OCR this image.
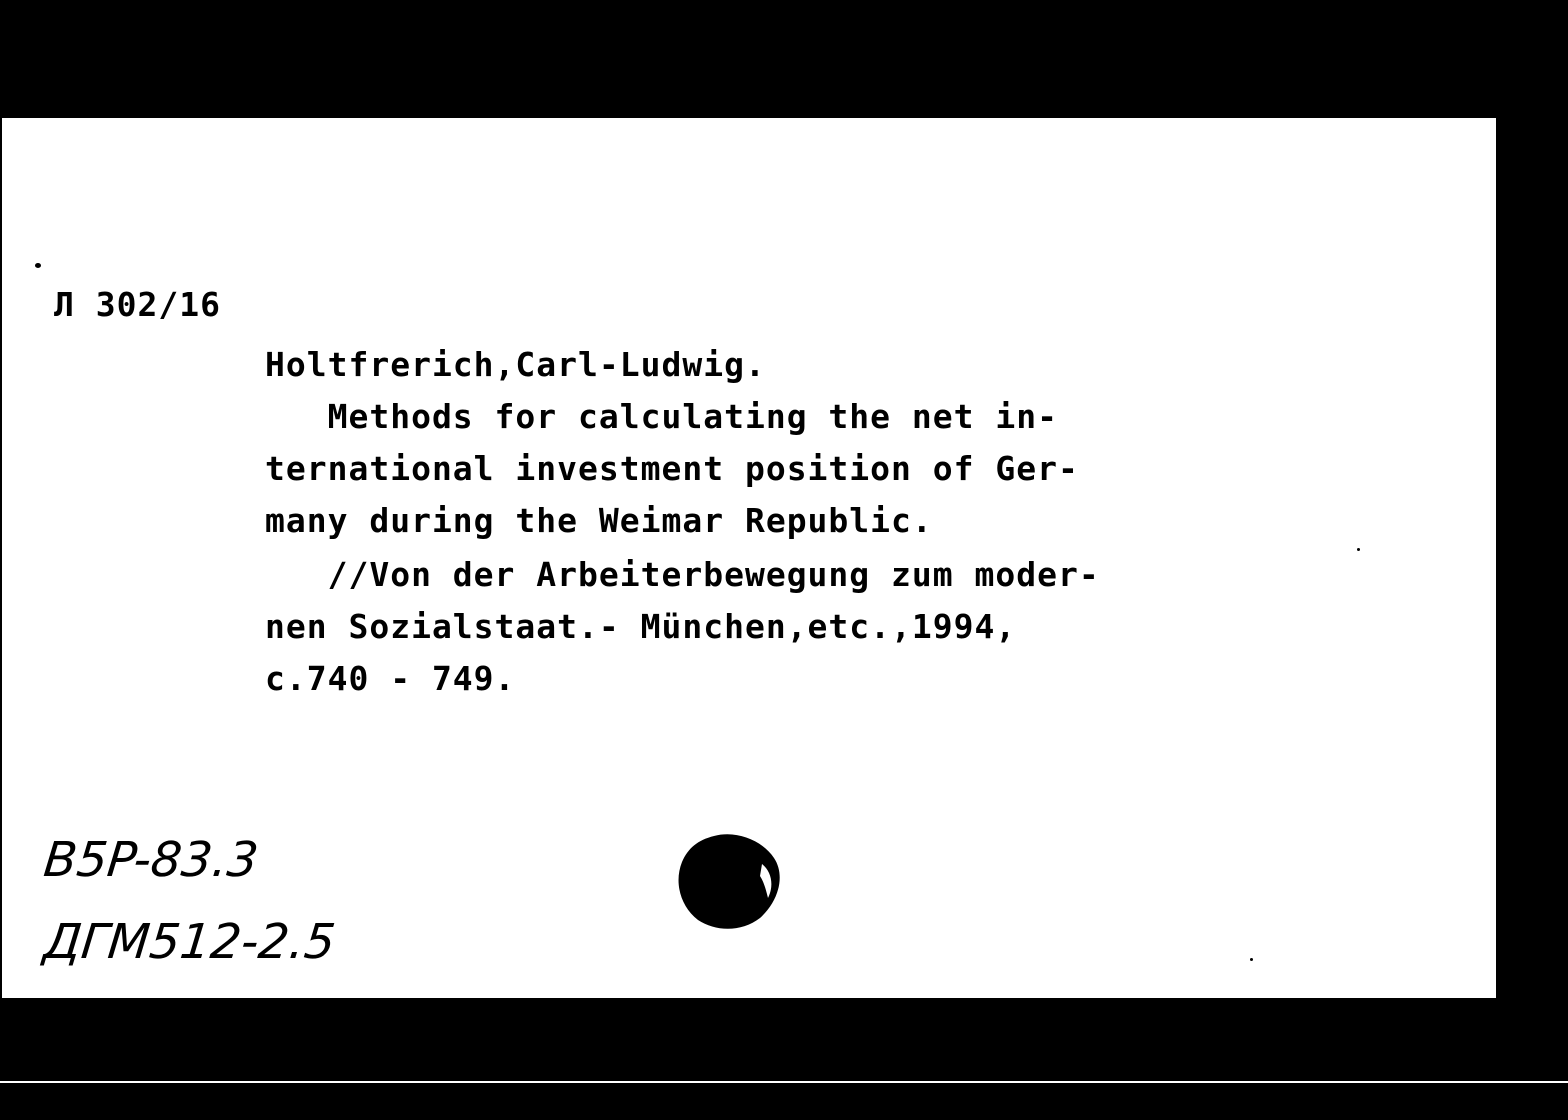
Л 302/16

Holtfrerich,Carl-Ludwig.

Methods for calculating the net in-

ternational investment position of Ger-

many during the Weimar Republic.

//Von der Arbeiterbewegung zum moder-

nen Sozialstaat.- München,etc.,1994,

c.740 - 749.

B5P-83.3
ДГМ512-2.5
